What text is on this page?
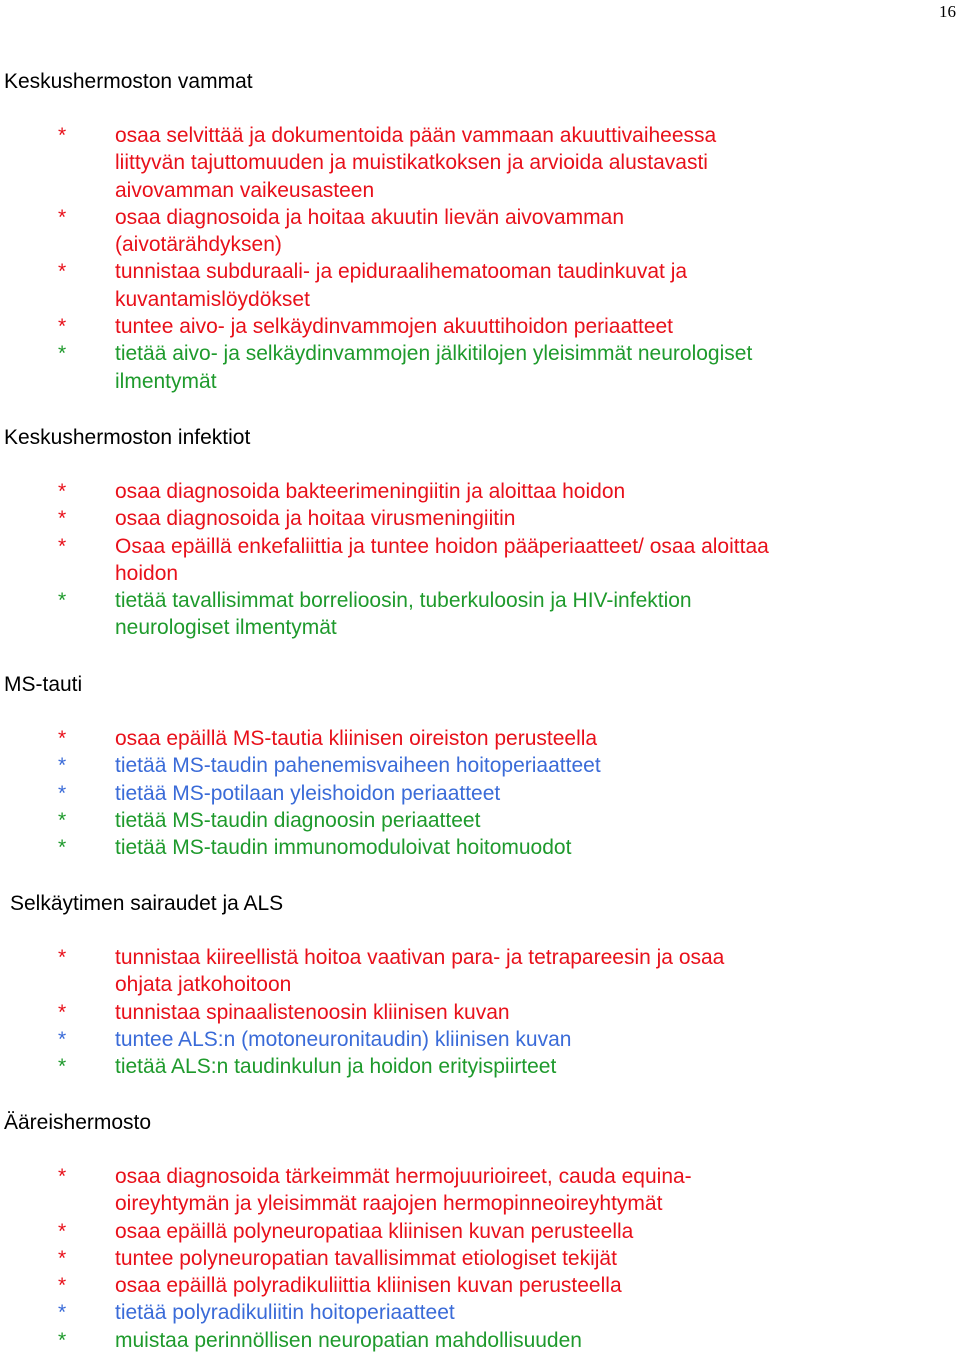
16
Keskushermoston vammat
* osaa selvittää ja dokumentoida pään vammaan akuuttivaiheessa
liittyvän tajuttomuuden ja muistikatkoksen ja arvioida alustavasti
aivovamman vaikeusasteen
* osaa diagnosoida ja hoitaa akuutin lievän aivovamman
(aivotärähdyksen)
* tunnistaa subduraali- ja epiduraalihematooman taudinkuvat ja
kuvantamislöydökset
* tuntee aivo- ja selkäydinvammojen akuuttihoidon periaatteet
* tietää aivo- ja selkäydinvammojen jälkitilojen yleisimmät neurologiset
ilmentymät
Keskushermoston infektiot
* osaa diagnosoida bakteerimeningiitin ja aloittaa hoidon
* osaa diagnosoida ja hoitaa virusmeningiitin
* Osaa epäillä enkefaliittia ja tuntee hoidon pääperiaatteet/ osaa aloittaa
hoidon
* tietää tavallisimmat borrelioosin, tuberkuloosin ja HIV-infektion
neurologiset ilmentymät
MS-tauti
* osaa epäillä MS-tautia kliinisen oireiston perusteella
* tietää MS-taudin pahenemisvaiheen hoitoperiaatteet
* tietää MS-potilaan yleishoidon periaatteet
* tietää MS-taudin diagnoosin periaatteet
* tietää MS-taudin immunomoduloivat hoitomuodot
Selkäytimen sairaudet ja ALS
* tunnistaa kiireellistä hoitoa vaativan para- ja tetrapareesin ja osaa
ohjata jatkohoitoon
* tunnistaa spinaalistenoosin kliinisen kuvan
* tuntee ALS:n (motoneuronitaudin) kliinisen kuvan
* tietää ALS:n taudinkulun ja hoidon erityispiirteet
Ääreishermosto
* osaa diagnosoida tärkeimmät hermojuurioireet, cauda equina-
oireyhtymän ja yleisimmät raajojen hermopinneoireyhtymät
* osaa epäillä polyneuropatiaa kliinisen kuvan perusteella
* tuntee polyneuropatian tavallisimmat etiologiset tekijät
* osaa epäillä polyradikuliittia kliinisen kuvan perusteella
* tietää polyradikuliitin hoitoperiaatteet
* muistaa perinnöllisen neuropatian mahdollisuuden
